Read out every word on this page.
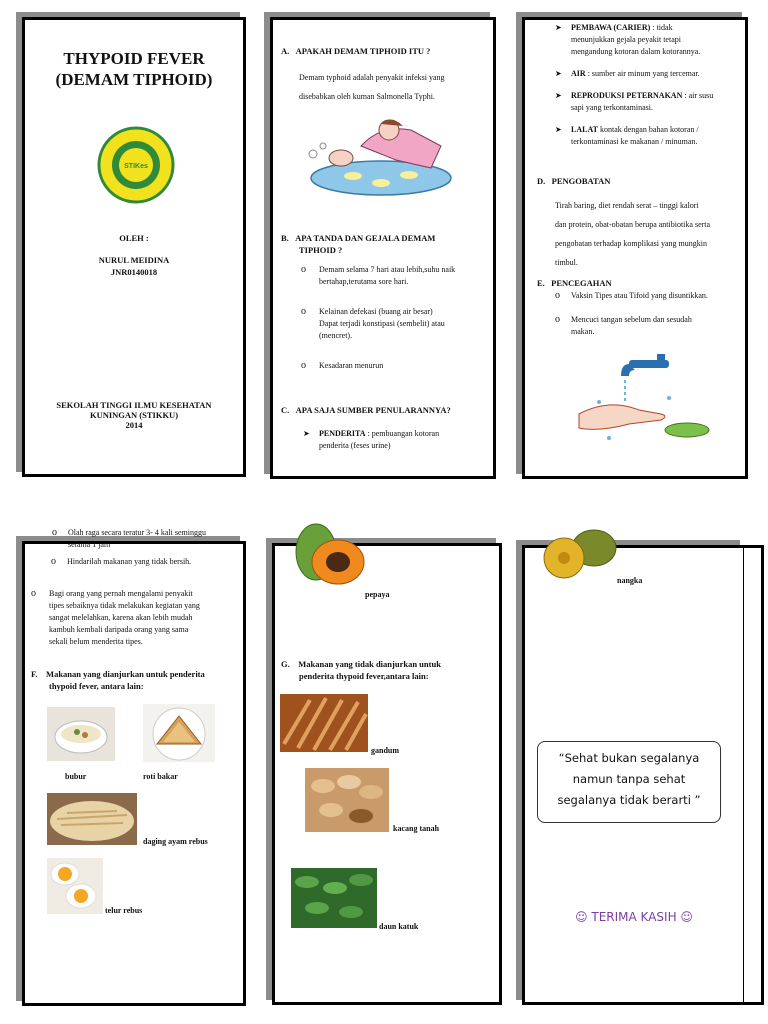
THYPOID FEVER
(DEMAM TIPHOID)
STIKes
OLEH :
NURUL MEIDINA
JNR0140018
SEKOLAH TINGGI ILMU KESEHATAN
KUNINGAN (STIKKU)
2014
A. APAKAH DEMAM TIPHOID ITU ?
Demam typhoid adalah penyakit infeksi yang
disebabkan oleh kuman Salmonella Typhi.
B. APA TANDA DAN GEJALA DEMAM
TIPHOID ?
o Demam selama 7 hari atau lebih,suhu naik
bertahap,terutama sore hari.
o Kelainan defekasi (buang air besar)
Dapat terjadi konstipasi (sembelit) atau
(mencret).
o Kesadaran menurun
C. APA SAJA SUMBER PENULARANNYA?
➤ PENDERITA : pembuangan kotoran
penderita (feses urine)
➤ PEMBAWA (CARIER) : tidak
menunjukkan gejala peyakit tetapi
mengandung kotoran dalam kotorannya.
➤ AIR : sumber air minum yang tercemar.
➤ REPRODUKSI PETERNAKAN : air susu
sapi yang terkontaminasi.
➤ LALAT kontak dengan bahan kotoran /
terkontaminasi ke makanan / minuman.
D. PENGOBATAN
Tirah baring, diet rendah serat – tinggi kalori
dan protein, obat-obatan berupa antibiotika serta
pengobatan terhadap komplikasi yang mungkin
timbul.
E. PENCEGAHAN
o Vaksin Tipes atau Tifoid yang disuntikkan.
o Mencuci tangan sebelum dan sesudah
makan.
o Hindarilah makanan yang tidak bersih.
o Bagi orang yang pernah mengalami penyakit
tipes sebaiknya tidak melakukan kegiatan yang
sangat melelahkan, karena akan lebih mudah
kambuh kembali daripada orang yang sama
sekali belum menderita tipes.
F. Makanan yang dianjurkan untuk penderita
thypoid fever, antara lain:
bubur	roti bakar
daging ayam rebus
telur rebus
o Olah raga secara teratur 3- 4 kali seminggu
selama 1 jam
pepaya
G. Makanan yang tidak dianjurkan untuk
penderita thypoid fever,antara lain:
gandum
kacang tanah
daun katuk
nangka
“Sehat bukan segalanya
namun tanpa sehat
segalanya tidak berarti ”
☺ TERIMA KASIH ☺
